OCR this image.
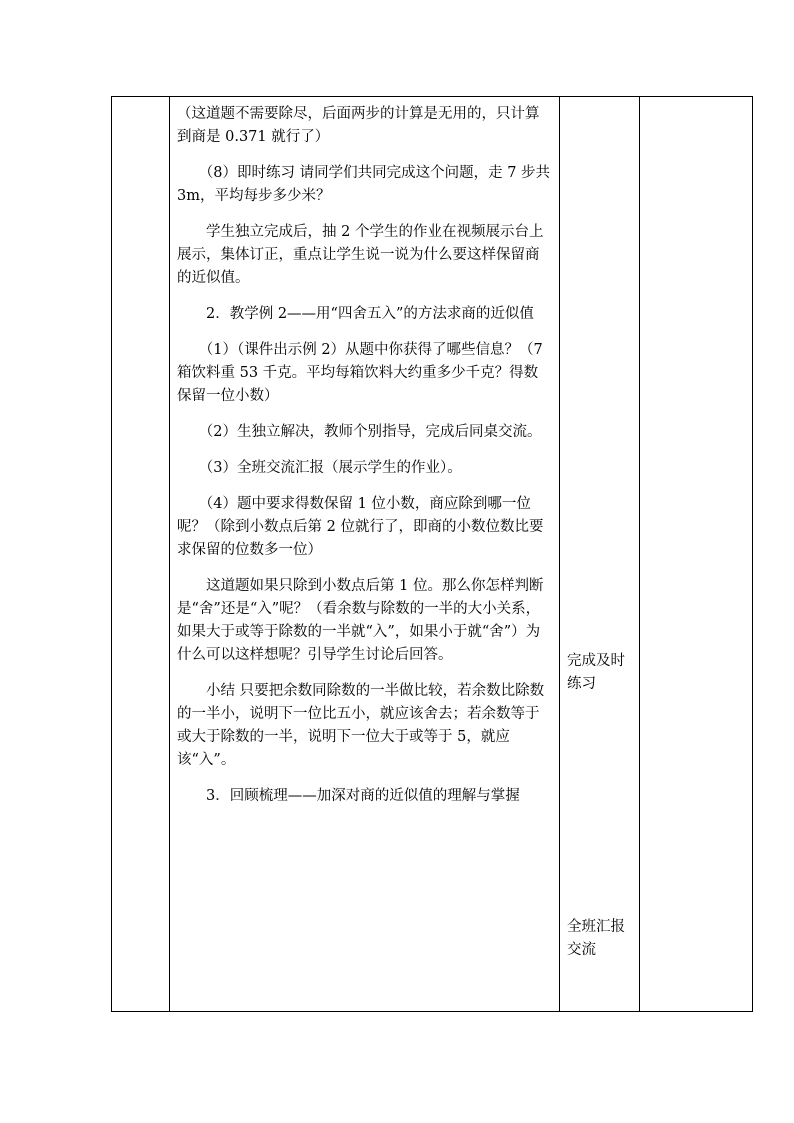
（这道题不需要除尽，后面两步的计算是无用的，只计算到商是 0.371 就行了）

　　（8）即时练习 请同学们共同完成这个问题，走 7 步共 3m，平均每步多少米？

　　学生独立完成后，抽 2 个学生的作业在视频展示台上展示，集体订正，重点让学生说一说为什么要这样保留商的近似值。

　　2．教学例 2——用“四舍五入”的方法求商的近似值

　　（1）（课件出示例 2）从题中你获得了哪些信息？（7 箱饮料重 53 千克。平均每箱饮料大约重多少千克？得数保留一位小数）

　　（2）生独立解决，教师个别指导，完成后同桌交流。

　　（3）全班交流汇报（展示学生的作业）。

　　（4）题中要求得数保留 1 位小数，商应除到哪一位呢？（除到小数点后第 2 位就行了，即商的小数位数比要求保留的位数多一位）

　　这道题如果只除到小数点后第 1 位。那么你怎样判断是“舍”还是“入”呢？（看余数与除数的一半的大小关系，如果大于或等于除数的一半就“入”，如果小于就“舍”）为什么可以这样想呢？引导学生讨论后回答。

　　小结 只要把余数同除数的一半做比较，若余数比除数的一半小，说明下一位比五小，就应该舍去；若余数等于或大于除数的一半，说明下一位大于或等于 5，就应该“入”。

　　3．回顾梳理——加深对商的近似值的理解与掌握

完成及时练习
全班汇报交流
